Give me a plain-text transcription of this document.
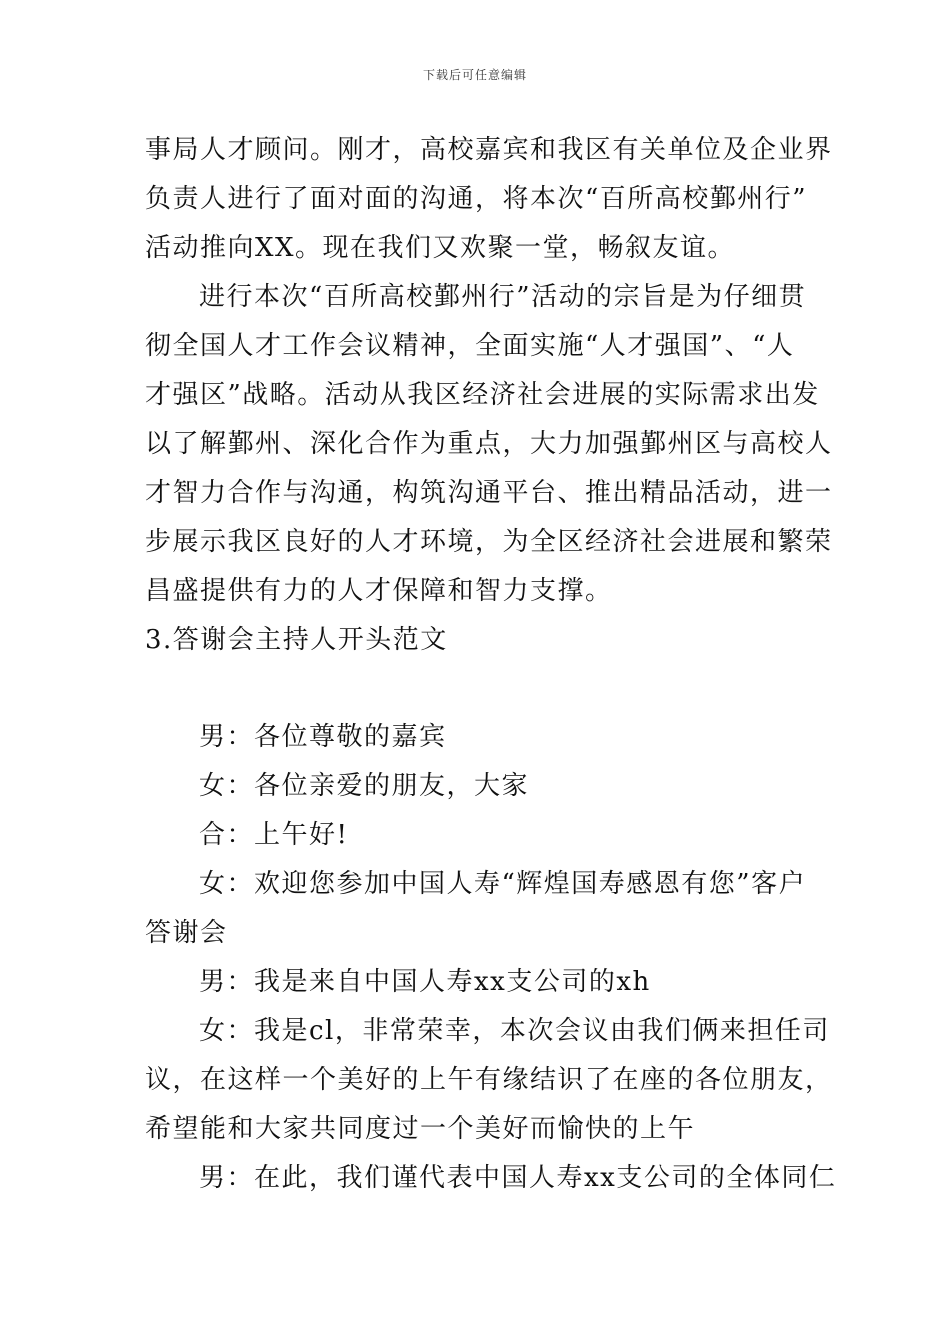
下载后可任意编辑
事局人才顾问。刚才，高校嘉宾和我区有关单位及企业界
负责人进行了面对面的沟通，将本次“百所高校鄞州行”
活动推向XX。现在我们又欢聚一堂，畅叙友谊。
进行本次“百所高校鄞州行”活动的宗旨是为仔细贯
彻全国人才工作会议精神，全面实施“人才强国”、“人
才强区”战略。活动从我区经济社会进展的实际需求出发
以了解鄞州、深化合作为重点，大力加强鄞州区与高校人
才智力合作与沟通，构筑沟通平台、推出精品活动，进一
步展示我区良好的人才环境，为全区经济社会进展和繁荣
昌盛提供有力的人才保障和智力支撑。
3.答谢会主持人开头范文
男：各位尊敬的嘉宾
女：各位亲爱的朋友，大家
合：上午好!
女：欢迎您参加中国人寿“辉煌国寿感恩有您”客户
答谢会
男：我是来自中国人寿xx支公司的xh
女：我是cl，非常荣幸，本次会议由我们俩来担任司
议，在这样一个美好的上午有缘结识了在座的各位朋友，
希望能和大家共同度过一个美好而愉快的上午
男：在此，我们谨代表中国人寿xx支公司的全体同仁
